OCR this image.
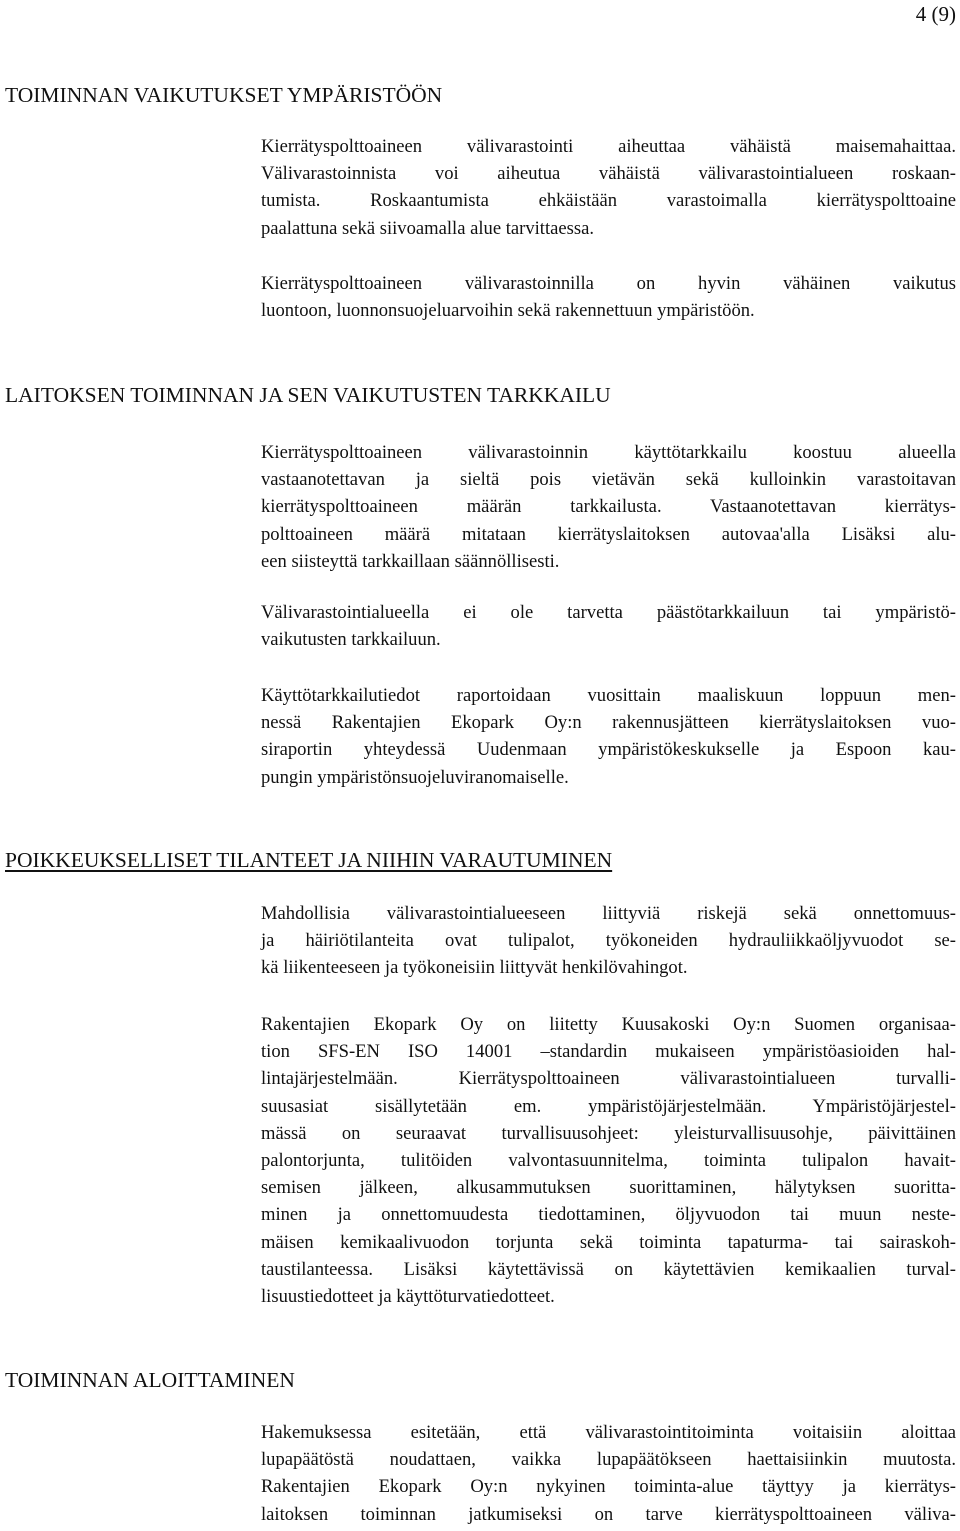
4 (9)
TOIMINNAN VAIKUTUKSET YMPÄRISTÖÖN
Kierrätyspolttoaineen välivarastointi aiheuttaa vähäistä maisemahaittaa.
Välivarastoinnista voi aiheutua vähäistä välivarastointialueen roskaan-
tumista. Roskaantumista ehkäistään varastoimalla kierrätyspolttoaine
paalattuna sekä siivoamalla alue tarvittaessa.
Kierrätyspolttoaineen välivarastoinnilla on hyvin vähäinen vaikutus
luontoon, luonnonsuojeluarvoihin sekä rakennettuun ympäristöön.
LAITOKSEN TOIMINNAN JA SEN VAIKUTUSTEN TARKKAILU
Kierrätyspolttoaineen välivarastoinnin käyttötarkkailu koostuu alueella
vastaanotettavan ja sieltä pois vietävän sekä kulloinkin varastoitavan
kierrätyspolttoaineen määrän tarkkailusta. Vastaanotettavan kierrätys-
polttoaineen määrä mitataan kierrätyslaitoksen autovaa'alla Lisäksi alu-
een siisteyttä tarkkaillaan säännöllisesti.
Välivarastointialueella ei ole tarvetta päästötarkkailuun tai ympäristö-
vaikutusten tarkkailuun.
Käyttötarkkailutiedot raportoidaan vuosittain maaliskuun loppuun men-
nessä Rakentajien Ekopark Oy:n rakennusjätteen kierrätyslaitoksen vuo-
siraportin yhteydessä Uudenmaan ympäristökeskukselle ja Espoon kau-
pungin ympäristönsuojeluviranomaiselle.
POIKKEUKSELLISET TILANTEET JA NIIHIN VARAUTUMINEN
Mahdollisia välivarastointialueeseen liittyviä riskejä sekä onnettomuus-
ja häiriötilanteita ovat tulipalot, työkoneiden hydrauliikkaöljyvuodot se-
kä liikenteeseen ja työkoneisiin liittyvät henkilövahingot.
Rakentajien Ekopark Oy on liitetty Kuusakoski Oy:n Suomen organisaa-
tion SFS-EN ISO 14001 –standardin mukaiseen ympäristöasioiden hal-
lintajärjestelmään. Kierrätyspolttoaineen välivarastointialueen turvalli-
suusasiat sisällytetään em. ympäristöjärjestelmään. Ympäristöjärjestel-
mässä on seuraavat turvallisuusohjeet: yleisturvallisuusohje, päivittäinen
palontorjunta, tulitöiden valvontasuunnitelma, toiminta tulipalon havait-
semisen jälkeen, alkusammutuksen suorittaminen, hälytyksen suoritta-
minen ja onnettomuudesta tiedottaminen, öljyvuodon tai muun neste-
mäisen kemikaalivuodon torjunta sekä toiminta tapaturma- tai sairaskoh-
taustilanteessa. Lisäksi käytettävissä on käytettävien kemikaalien turval-
lisuustiedotteet ja käyttöturvatiedotteet.
TOIMINNAN ALOITTAMINEN
Hakemuksessa esitetään, että välivarastointitoiminta voitaisiin aloittaa
lupapäätöstä noudattaen, vaikka lupapäätökseen haettaisiinkin muutosta.
Rakentajien Ekopark Oy:n nykyinen toiminta-alue täyttyy ja kierrätys-
laitoksen toiminnan jatkumiseksi on tarve kierrätyspolttoaineen väliva-
